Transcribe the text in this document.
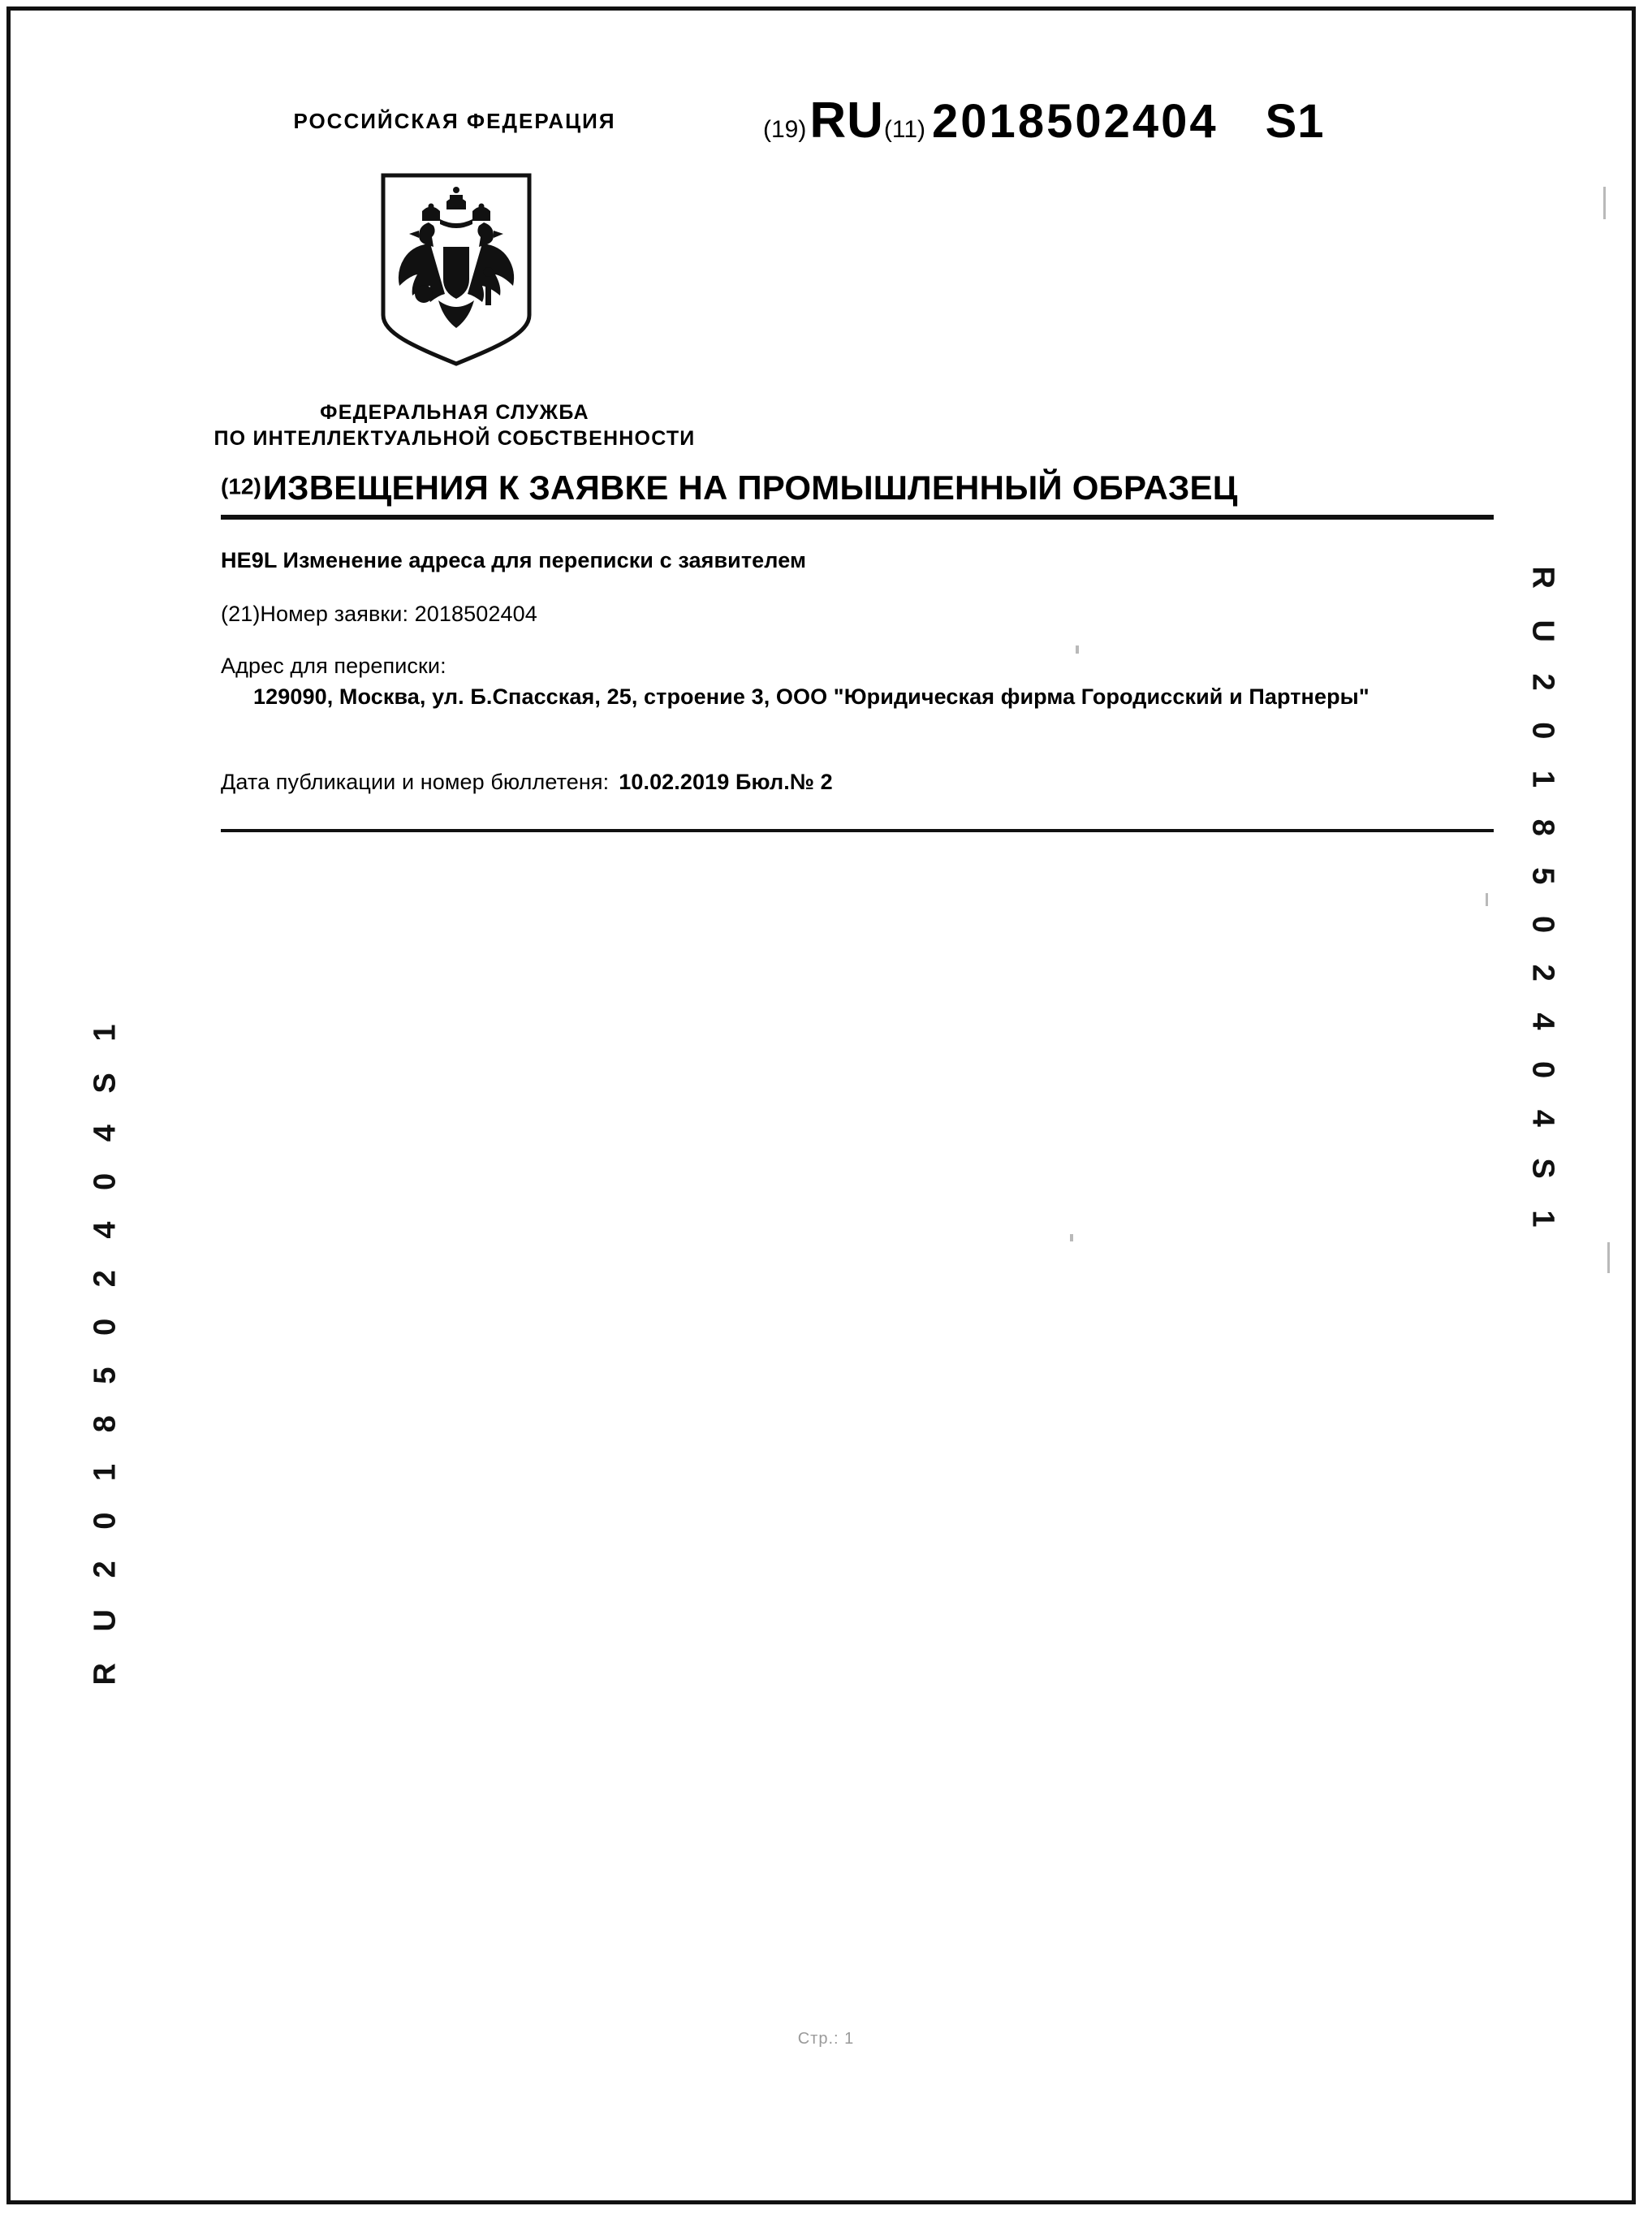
РОССИЙСКАЯ ФЕДЕРАЦИЯ	(19)RU(11) 2018502404 S1
ФЕДЕРАЛЬНАЯ СЛУЖБА
ПО ИНТЕЛЛЕКТУАЛЬНОЙ СОБСТВЕННОСТИ
(12)ИЗВЕЩЕНИЯ К ЗАЯВКЕ НА ПРОМЫШЛЕННЫЙ ОБРАЗЕЦ
HE9L Изменение адреса для переписки с заявителем
(21)Номер заявки: 2018502404
Адрес для переписки:
129090, Москва, ул. Б.Спасская, 25, строение 3, ООО "Юридическая фирма Городисский и Партнеры"
Дата публикации и номер бюллетеня: 10.02.2019 Бюл.№ 2
R U 2 0 1 8 5 0 2 4 0 4 S 1
R U 2 0 1 8 5 0 2 4 0 4 S 1
Стр.: 1
